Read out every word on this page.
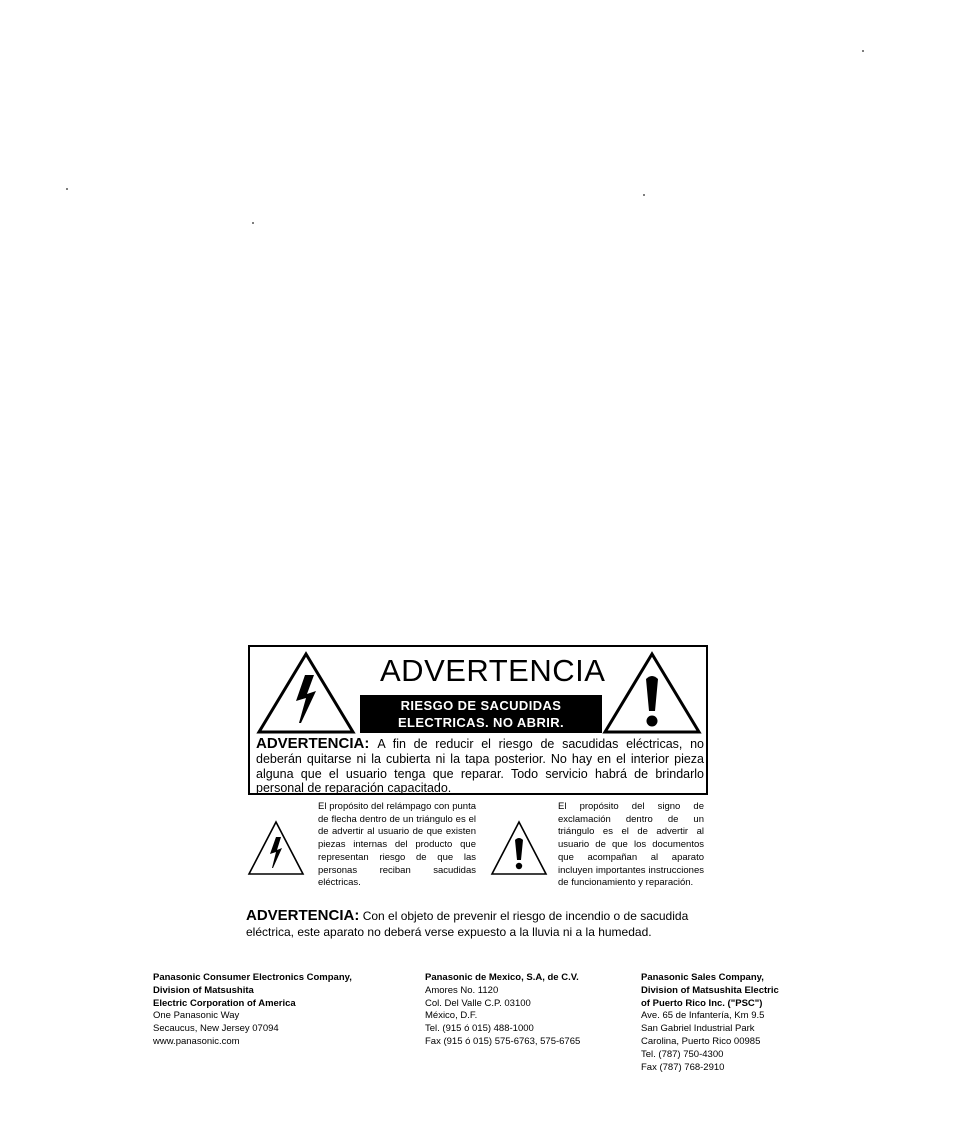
ADVERTENCIA
RIESGO DE SACUDIDAS
ELECTRICAS. NO ABRIR.
ADVERTENCIA: A fin de reducir el riesgo de sacudidas eléctricas, no deberán quitarse ni la cubierta ni la tapa posterior. No hay en el interior pieza alguna que el usuario tenga que reparar. Todo servicio habrá de brindarlo personal de reparación capacitado.
El propósito del relámpago con punta de flecha dentro de un triángulo es el de advertir al usuario de que existen piezas internas del producto que representan riesgo de que las personas reciban sacudidas eléctricas.
El propósito del signo de exclamación dentro de un triángulo es el de advertir al usuario de que los documentos que acompañan al aparato incluyen importantes instrucciones de funcionamiento y reparación.
ADVERTENCIA: Con el objeto de prevenir el riesgo de incendio o de sacudida eléctrica, este aparato no deberá verse expuesto a la lluvia ni a la humedad.
Panasonic Consumer Electronics Company,
Division of Matsushita
Electric Corporation of America
One Panasonic Way
Secaucus, New Jersey 07094
www.panasonic.com
Panasonic de Mexico, S.A, de C.V.
Amores No. 1120
Col. Del Valle C.P. 03100
México, D.F.
Tel. (915 ó 015) 488-1000
Fax (915 ó 015) 575-6763, 575-6765
Panasonic Sales Company,
Division of Matsushita Electric
of Puerto Rico Inc. ("PSC")
Ave. 65 de Infantería, Km 9.5
San Gabriel Industrial Park
Carolina, Puerto Rico 00985
Tel. (787) 750-4300
Fax (787) 768-2910
